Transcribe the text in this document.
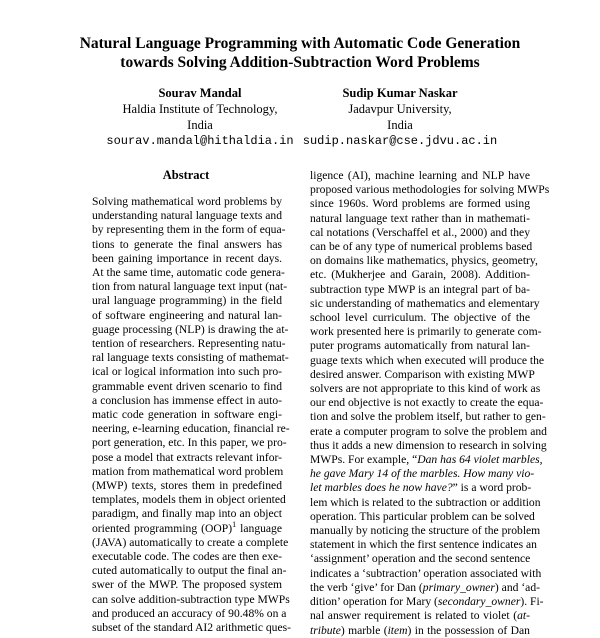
Natural Language Programming with Automatic Code Generation
towards Solving Addition-Subtraction Word Problems
Sourav Mandal
Haldia Institute of Technology,
India
sourav.mandal@hithaldia.in
Sudip Kumar Naskar
Jadavpur University,
India
sudip.naskar@cse.jdvu.ac.in
Abstract
Solving mathematical word problems by
understanding natural language texts and
by representing them in the form of equa-
tions to generate the final answers has
been gaining importance in recent days.
At the same time, automatic code genera-
tion from natural language text input (nat-
ural language programming) in the field
of software engineering and natural lan-
guage processing (NLP) is drawing the at-
tention of researchers. Representing natu-
ral language texts consisting of mathemat-
ical or logical information into such pro-
grammable event driven scenario to find
a conclusion has immense effect in auto-
matic code generation in software engi-
neering, e-learning education, financial re-
port generation, etc. In this paper, we pro-
pose a model that extracts relevant infor-
mation from mathematical word problem
(MWP) texts, stores them in predefined
templates, models them in object oriented
paradigm, and finally map into an object
oriented programming (OOP)$^1$ language
(JAVA) automatically to create a complete
executable code. The codes are then exe-
cuted automatically to output the final an-
swer of the MWP. The proposed system
can solve addition-subtraction type MWPs
and produced an accuracy of 90.48% on a
subset of the standard AI2 arithmetic ques-
ligence (AI), machine learning and NLP have
proposed various methodologies for solving MWPs
since 1960s. Word problems are formed using
natural language text rather than in mathemati-
cal notations (Verschaffel et al., 2000) and they
can be of any type of numerical problems based
on domains like mathematics, physics, geometry,
etc. (Mukherjee and Garain, 2008). Addition-
subtraction type MWP is an integral part of ba-
sic understanding of mathematics and elementary
school level curriculum. The objective of the
work presented here is primarily to generate com-
puter programs automatically from natural lan-
guage texts which when executed will produce the
desired answer. Comparison with existing MWP
solvers are not appropriate to this kind of work as
our end objective is not exactly to create the equa-
tion and solve the problem itself, but rather to gen-
erate a computer program to solve the problem and
thus it adds a new dimension to research in solving
MWPs. For example, “Dan has 64 violet marbles,
he gave Mary 14 of the marbles. How many vio-
let marbles does he now have?” is a word prob-
lem which is related to the subtraction or addition
operation. This particular problem can be solved
manually by noticing the structure of the problem
statement in which the first sentence indicates an
‘assignment’ operation and the second sentence
indicates a ‘subtraction’ operation associated with
the verb ‘give’ for Dan (primary_owner) and ‘ad-
dition’ operation for Mary (secondary_owner). Fi-
nal answer requirement is related to violet (at-
tribute) marble (item) in the possession of Dan
